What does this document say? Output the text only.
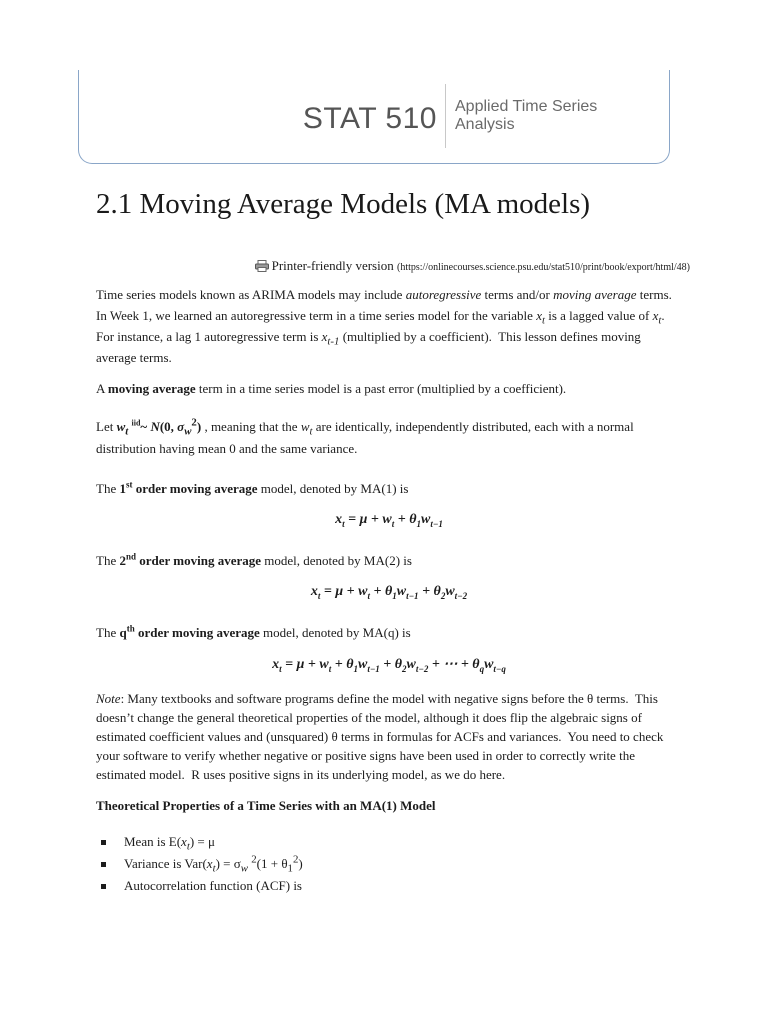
STAT 510 Applied Time Series
Analysis
2.1 Moving Average Models (MA models)
Printer-friendly version (https://onlinecourses.science.psu.edu/stat510/print/book/export/html/48)

Time series models known as ARIMA models may include autoregressive terms and/or moving average terms.  In Week 1, we learned an autoregressive term in a time series model for the variable $x_t$ is a lagged value of $x_t$.  For instance, a lag 1 autoregressive term is $x_{t-1}$ (multiplied by a coefficient).  This lesson defines moving average terms.

A moving average term in a time series model is a past error (multiplied by a coefficient).

Let $w_t$ $^{iid}$~ N(0, $\sigma_w^2$) , meaning that the $w_t$ are identically, independently distributed, each with a normal distribution having mean 0 and the same variance.

The 1st order moving average model, denoted by MA(1) is

$x_t = \mu + w_t + \theta_1w_{t-1}$

The 2nd order moving average model, denoted by MA(2) is

$x_t = \mu + w_t + \theta_1w_{t-1} + \theta_2w_{t-2}$

The $q^{th}$ order moving average model, denoted by MA(q) is

$x_t = \mu + w_t + \theta_1w_{t-1} + \theta_2w_{t-2}$ + ⋯ + $\theta_qw_{t-q}$

Note: Many textbooks and software programs define the model with negative signs before the θ terms.  This doesn’t change the general theoretical properties of the model, although it does flip the algebraic signs of estimated coefficient values and (unsquared) θ terms in formulas for ACFs and variances.  You need to check your software to verify whether negative or positive signs have been used in order to correctly write the estimated model.  R uses positive signs in its underlying model, as we do here.

Theoretical Properties of a Time Series with an MA(1) Model

Mean is $E(x_t) = \mu$
Variance is $Var(x_t) = \sigma_w$ $^2(1 + \theta_1^2)$
Autocorrelation function (ACF) is
